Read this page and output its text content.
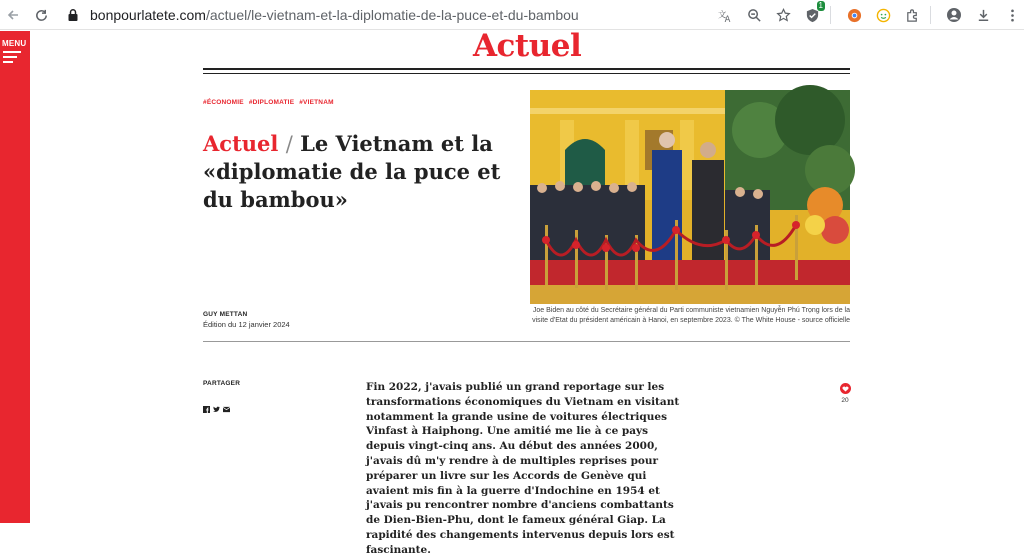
bonpourlatete.com /actuel/le-vietnam-et-la-diplomatie-de-la-puce-et-du-bambou	文
A
1
MENU	Actuel
#ÉCONOMIE #DIPLOMATIE #VIETNAM
Actuel / Le Vietnam et la «diplomatie de la puce et du bambou»
GUY METTAN
Édition du 12 janvier 2024
Joe Biden au côté du Secrétaire général du Parti communiste vietnamien Nguyễn Phú Trọng lors de la visite d'Etat du président américain à Hanoi, en septembre 2023. © The White House - source officielle
PARTAGER	Fin 2022, j'avais publié un grand reportage sur les transformations économiques du Vietnam en visitant notamment la grande usine de voitures électriques Vinfast à Haiphong. Une amitié me lie à ce pays depuis vingt-cinq ans. Au début des années 2000, j'avais dû m'y rendre à de multiples reprises pour préparer un livre sur les Accords de Genève qui avaient mis fin à la guerre d'Indochine en 1954 et j'avais pu rencontrer nombre d'anciens combattants de Dien-Bien-Phu, dont le fameux général Giap. La rapidité des changements intervenus depuis lors est fascinante.

20
